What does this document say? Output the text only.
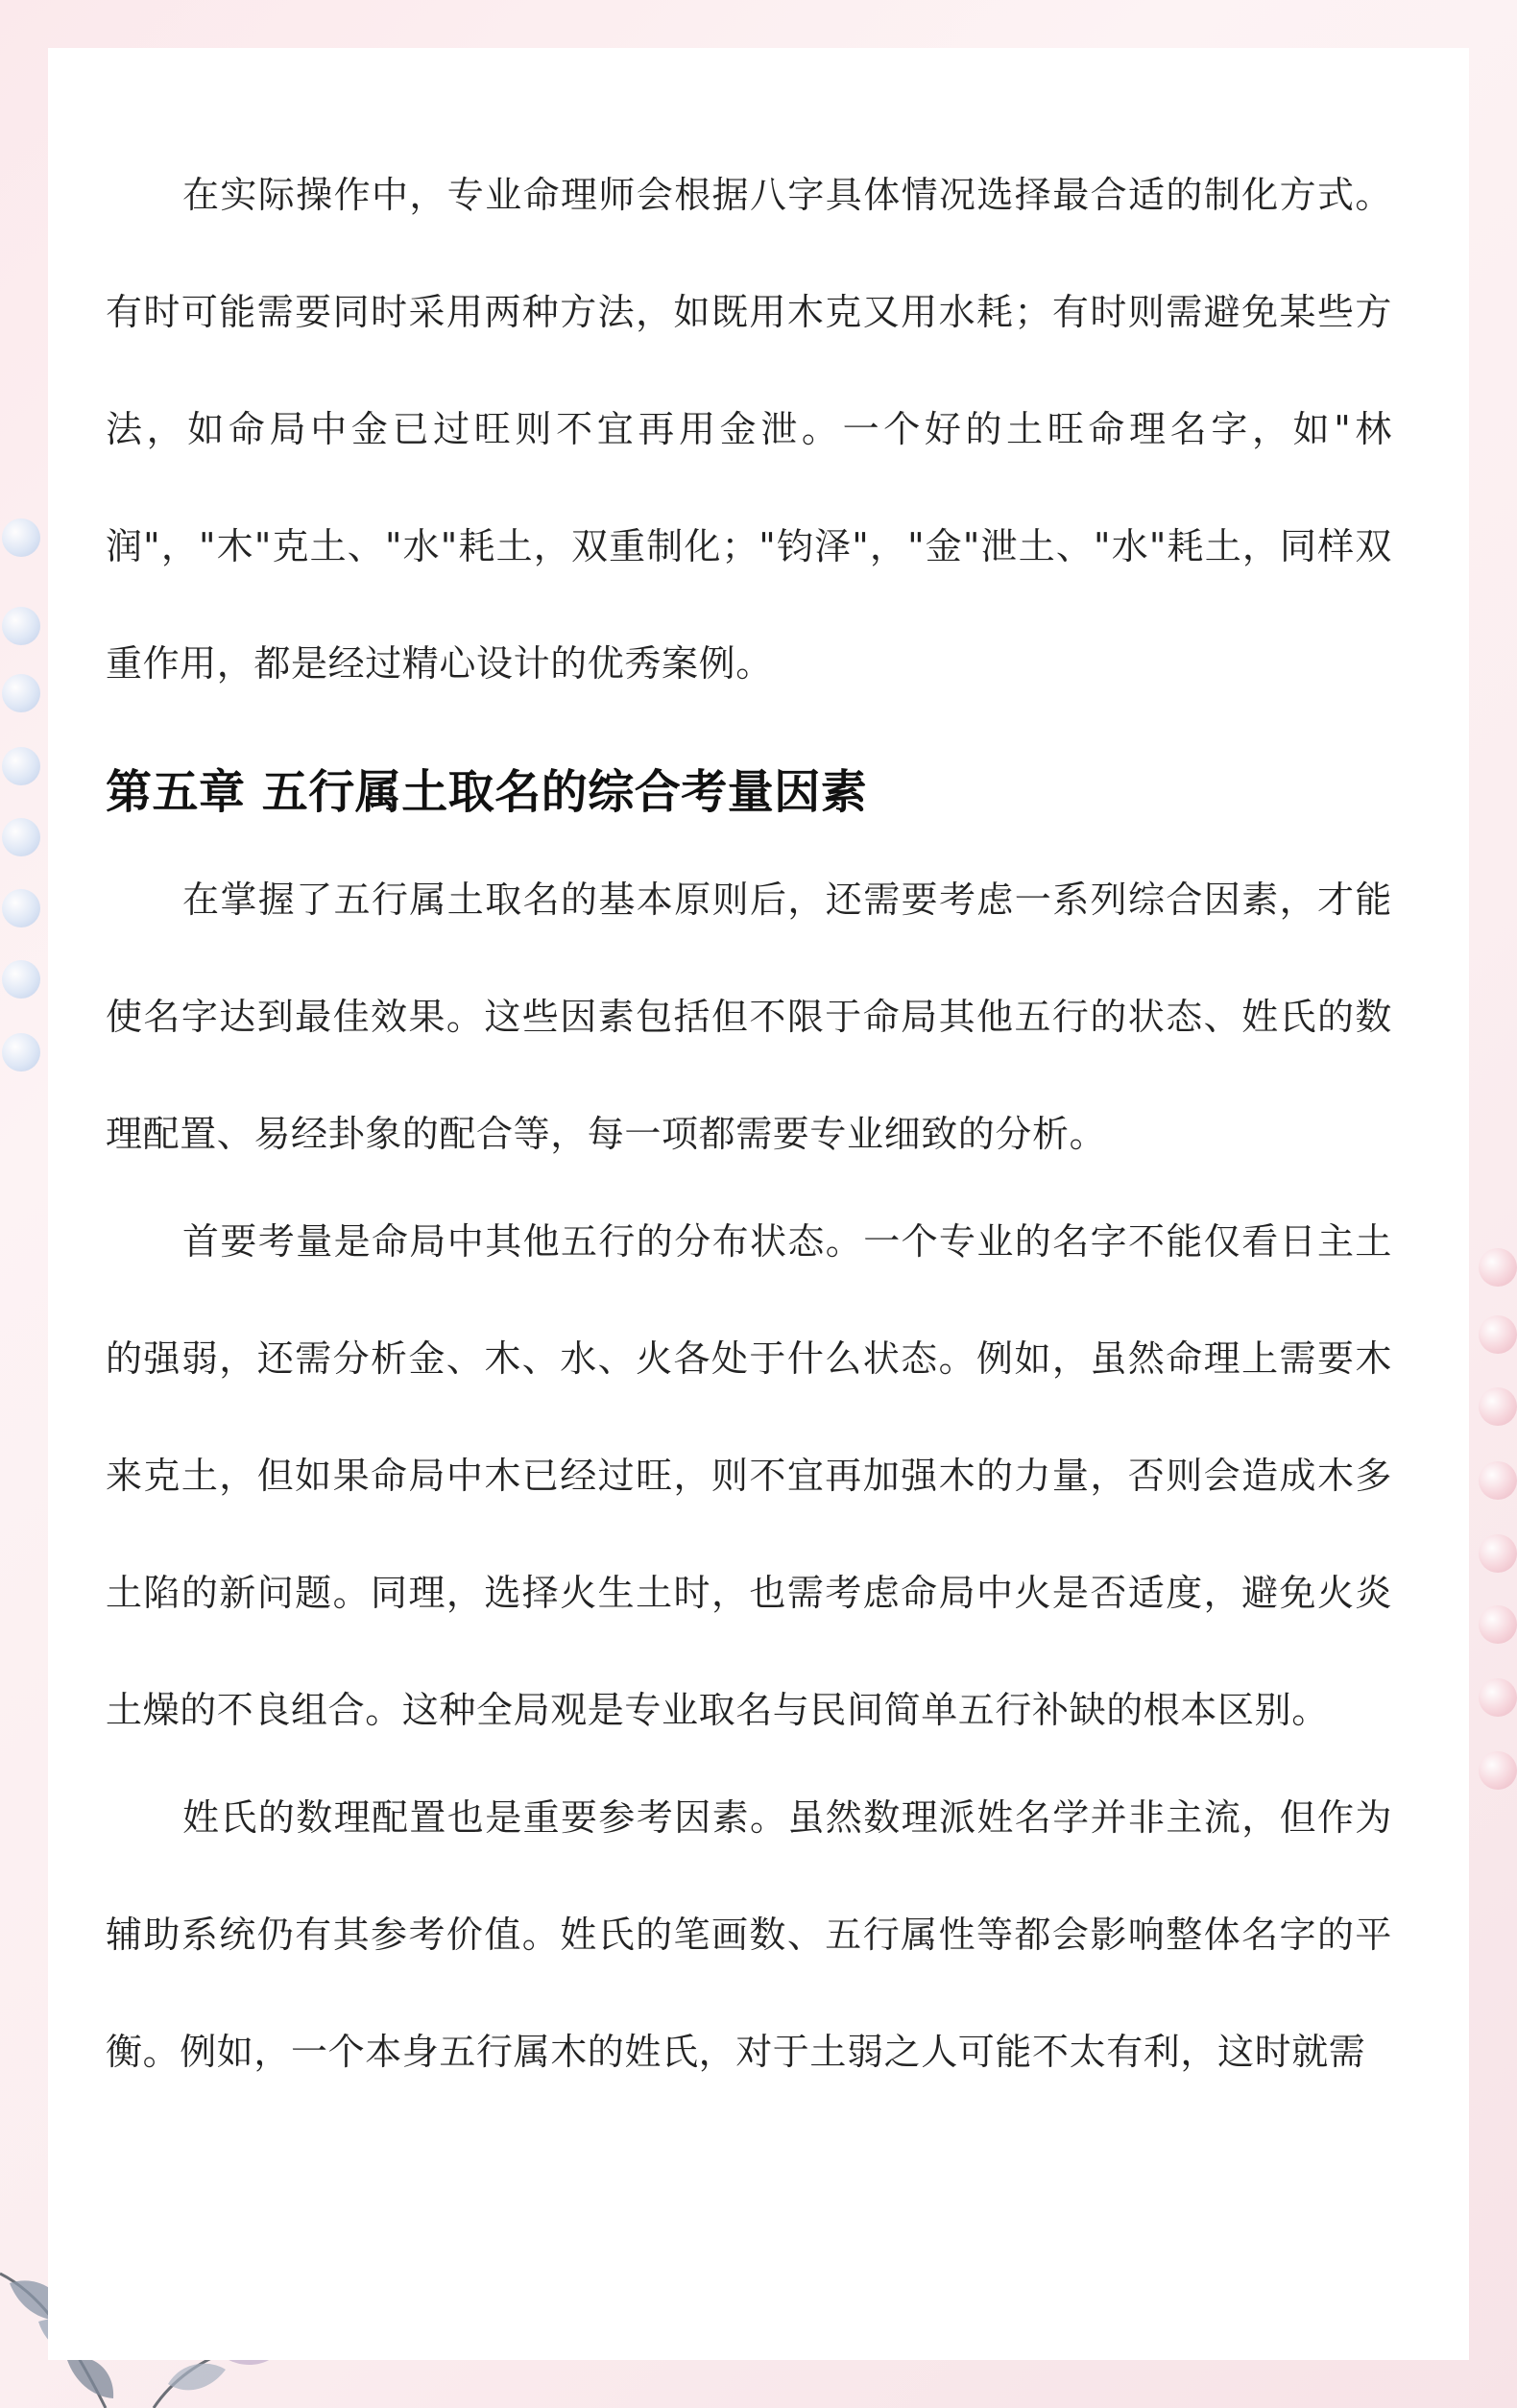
在实际操作中，专业命理师会根据八字具体情况选择最合适的制化方式。有时可能需要同时采用两种方法，如既用木克又用水耗；有时则需避免某些方法，如命局中金已过旺则不宜再用金泄。一个好的土旺命理名字，如"林润"，"木"克土、"水"耗土，双重制化；"钧泽"，"金"泄土、"水"耗土，同样双重作用，都是经过精心设计的优秀案例。

第五章 五行属土取名的综合考量因素

在掌握了五行属土取名的基本原则后，还需要考虑一系列综合因素，才能使名字达到最佳效果。这些因素包括但不限于命局其他五行的状态、姓氏的数理配置、易经卦象的配合等，每一项都需要专业细致的分析。

首要考量是命局中其他五行的分布状态。一个专业的名字不能仅看日主土的强弱，还需分析金、木、水、火各处于什么状态。例如，虽然命理上需要木来克土，但如果命局中木已经过旺，则不宜再加强木的力量，否则会造成木多土陷的新问题。同理，选择火生土时，也需考虑命局中火是否适度，避免火炎土燥的不良组合。这种全局观是专业取名与民间简单五行补缺的根本区别。

姓氏的数理配置也是重要参考因素。虽然数理派姓名学并非主流，但作为辅助系统仍有其参考价值。姓氏的笔画数、五行属性等都会影响整体名字的平衡。例如，一个本身五行属木的姓氏，对于土弱之人可能不太有利，这时就需
